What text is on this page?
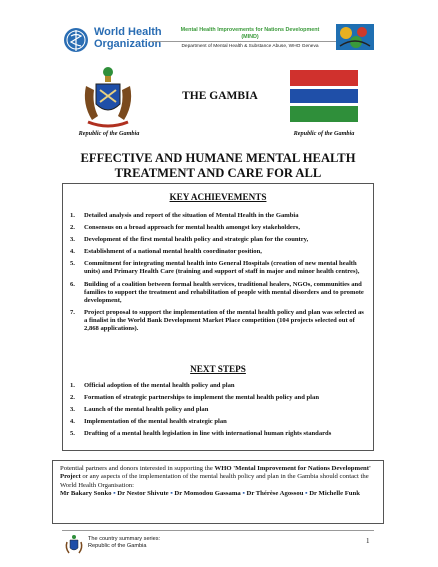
World Health
Organization
Mental Health Improvements for Nations Development
(MIND)
Department of Mental Health & Substance Abuse, WHO Geneva
Republic of the Gambia
THE GAMBIA
Republic of the Gambia
EFFECTIVE AND HUMANE MENTAL HEALTH
TREATMENT AND CARE FOR ALL
KEY ACHIEVEMENTS
1. Detailed analysis and report of the situation of Mental Health in the Gambia
2. Consensus on a broad approach for mental health amongst key stakeholders,
3. Development of the first mental health policy and strategic plan for the country,
4. Establishment of a national mental health coordinator position,
5. Commitment for integrating mental health into General Hospitals (creation of new mental health units) and Primary Health Care (training and support of staff in major and minor health centres),
6. Building of a coalition between formal health services, traditional healers, NGOs, communities and families to support the treatment and rehabilitation of people with mental disorders and to promote development,
7. Project proposal to support the implementation of the mental health policy and plan was selected as a finalist in the World Bank Development Market Place competition (104 projects selected out of 2,868 applications).
NEXT STEPS
1. Official adoption of the mental health policy and plan
2. Formation of strategic partnerships to implement the mental health policy and plan
3. Launch of the mental health policy and plan
4. Implementation of the mental health strategic plan
5. Drafting of a mental health legislation in line with international human rights standards
Potential partners and donors interested in supporting the WHO 'Mental Improvement for Nations Development' Project or any aspects of the implementation of the mental health policy and plan in the Gambia should contact the World Health Organisation:
Mr Bakary Sonko ▪ Dr Nestor Shivute ▪ Dr Momodou Gassama ▪ Dr Thérèse Agossou ▪ Dr Michelle Funk
The country summary series:
Republic of the Gambia
1
